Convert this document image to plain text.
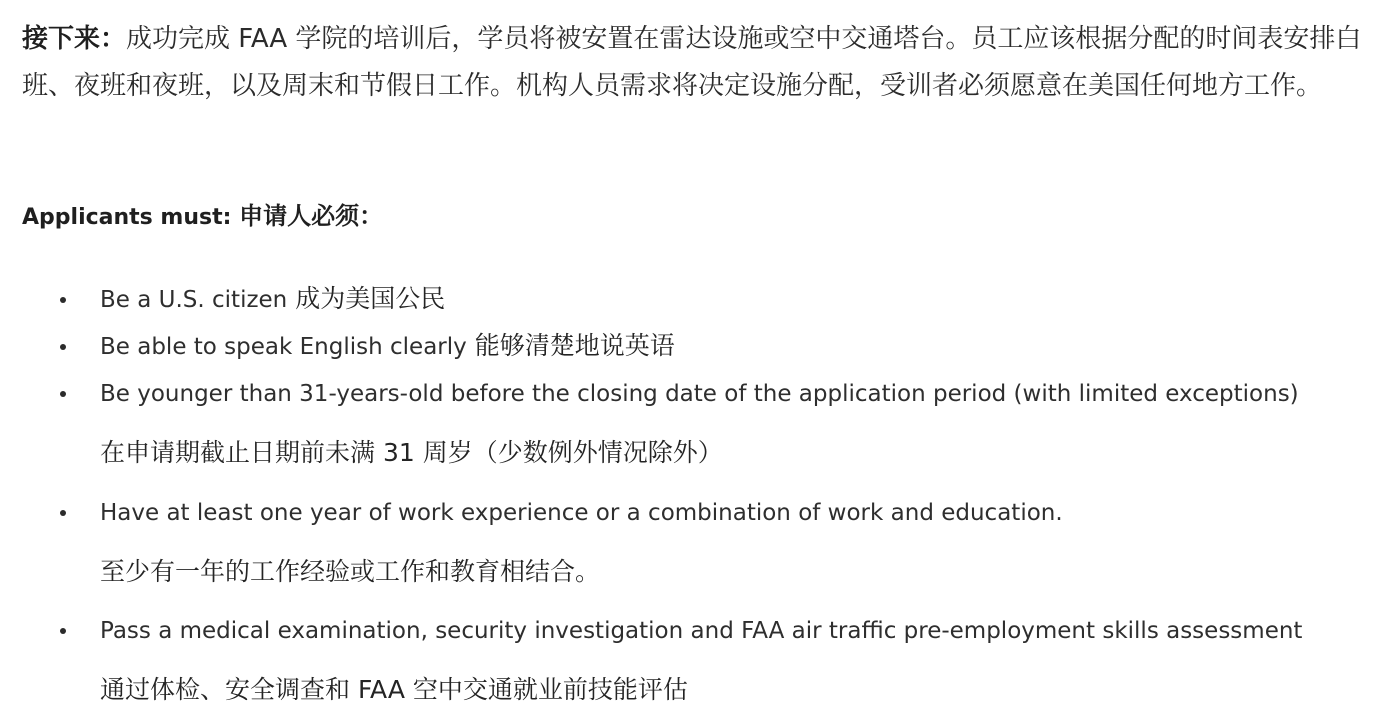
接下来：成功完成 FAA 学院的培训后，学员将被安置在雷达设施或空中交通塔台。员工应该根据分配的时间表安排白班、夜班和夜班，以及周末和节假日工作。机构人员需求将决定设施分配，受训者必须愿意在美国任何地方工作。

Applicants must: 申请人必须：
Be a U.S. citizen 成为美国公民
Be able to speak English clearly 能够清楚地说英语
Be younger than 31-years-old before the closing date of the application period (with limited exceptions)
在申请期截止日期前未满 31 周岁（少数例外情况除外）
Have at least one year of work experience or a combination of work and education.
至少有一年的工作经验或工作和教育相结合。
Pass a medical examination, security investigation and FAA air traffic pre-employment skills assessment
通过体检、安全调查和 FAA 空中交通就业前技能评估
